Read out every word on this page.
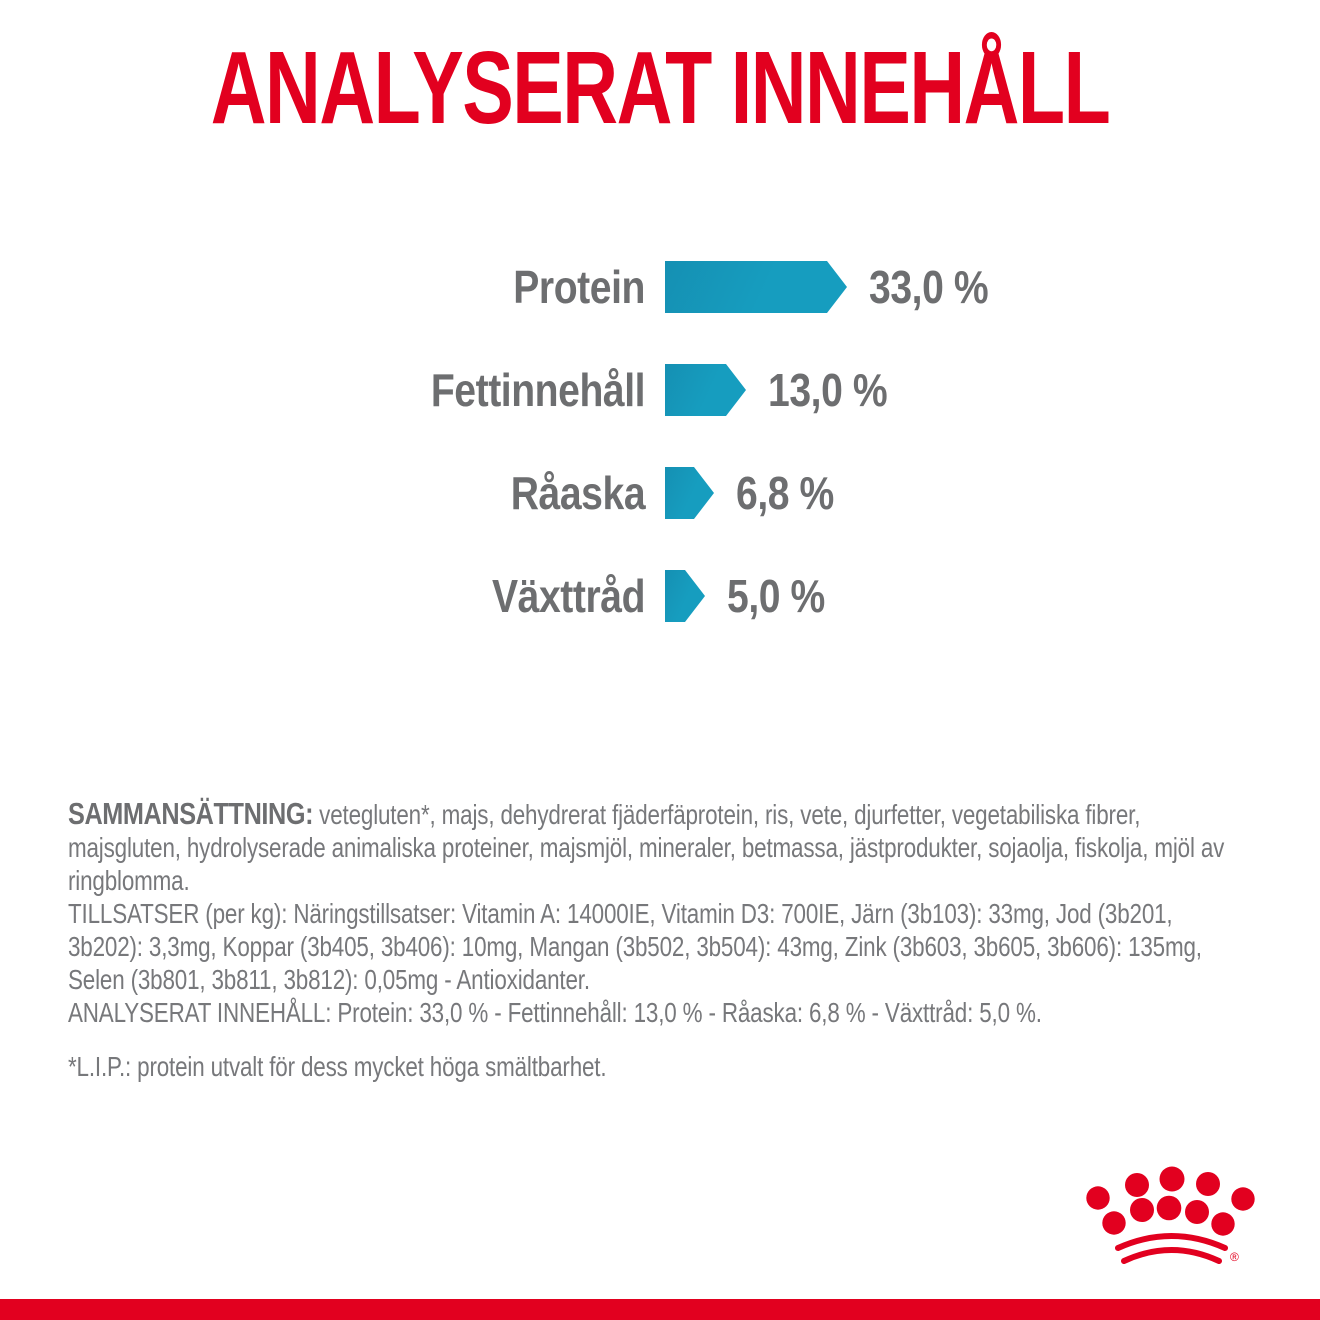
ANALYSERAT INNEHÅLL
Protein	33,0 %
Fettinnehåll	13,0 %
Råaska 6,8 %
Växttråd 5,0 %

SAMMANSÄTTNING: vetegluten*, majs, dehydrerat fjäderfäprotein, ris, vete, djurfetter, vegetabiliska fibrer, majsgluten, hydrolyserade animaliska proteiner, majsmjöl, mineraler, betmassa, jästprodukter, sojaolja, fiskolja, mjöl av ringblomma.

TILLSATSER (per kg): Näringstillsatser: Vitamin A: 14000IE, Vitamin D3: 700IE, Järn (3b103): 33mg, Jod (3b201, 3b202): 3,3mg, Koppar (3b405, 3b406): 10mg, Mangan (3b502, 3b504): 43mg, Zink (3b603, 3b605, 3b606): 135mg, Selen (3b801, 3b811, 3b812): 0,05mg - Antioxidanter.

ANALYSERAT INNEHÅLL: Protein: 33,0 % - Fettinnehåll: 13,0 % - Råaska: 6,8 % - Växttråd: 5,0 %.

*L.I.P.: protein utvalt för dess mycket höga smältbarhet.

®
